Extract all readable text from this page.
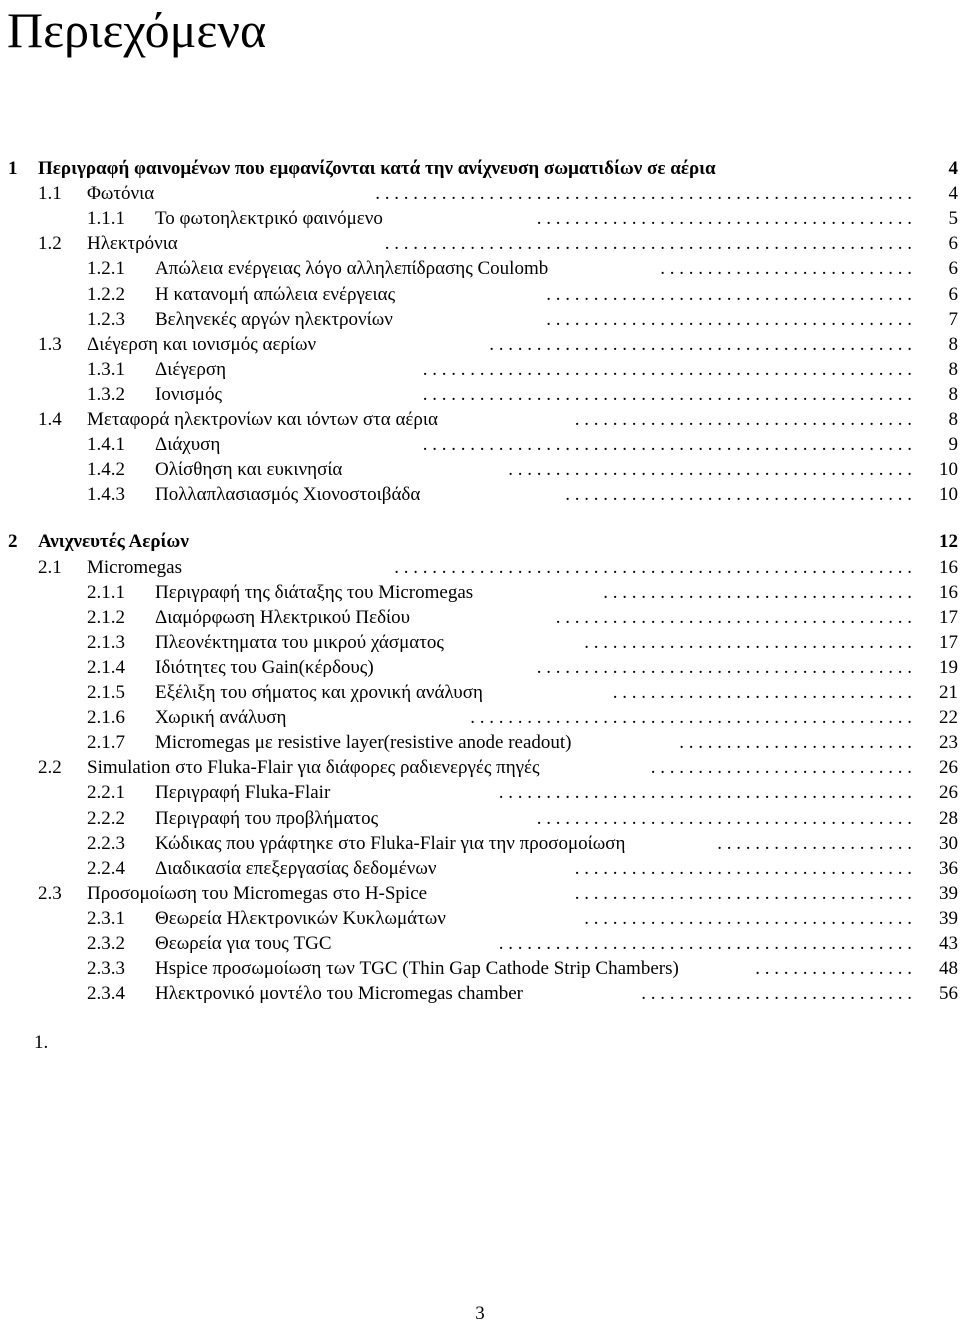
Περιεχόμενα
1 Περιγραφή φαινομένων που εμφανίζονται κατά την ανίχνευση σωματιδίων σε αέρια	4
1.1 Φωτόνια	4
. . . . . . . . . . . . . . . . . . . . . . . . . . . . . . . . . . . . . . . . . . . . . . . . . . . . . . . . .
1.1.1 Το φωτοηλεκτρικό φαινόμενο	5
. . . . . . . . . . . . . . . . . . . . . . . . . . . . . . . . . . . . . . . .
1.2 Ηλεκτρόνια	6
. . . . . . . . . . . . . . . . . . . . . . . . . . . . . . . . . . . . . . . . . . . . . . . . . . . . . . . .
1.2.1 Απώλεια ενέργειας λόγο αλληλεπίδρασης Coulomb	6
. . . . . . . . . . . . . . . . . . . . . . . . . . .
1.2.2 Η κατανομή απώλεια ενέργειας	6
. . . . . . . . . . . . . . . . . . . . . . . . . . . . . . . . . . . . . . .
1.2.3 Βεληνεκές αργών ηλεκτρονίων	7
. . . . . . . . . . . . . . . . . . . . . . . . . . . . . . . . . . . . . . .
1.3 Διέγερση και ιονισμός αερίων	8
. . . . . . . . . . . . . . . . . . . . . . . . . . . . . . . . . . . . . . . . . . . . .
1.3.1 Διέγερση	8
. . . . . . . . . . . . . . . . . . . . . . . . . . . . . . . . . . . . . . . . . . . . . . . . . . . .
1.3.2 Ιονισμός	8
. . . . . . . . . . . . . . . . . . . . . . . . . . . . . . . . . . . . . . . . . . . . . . . . . . . .
1.4 Μεταφορά ηλεκτρονίων και ιόντων στα αέρια	8
. . . . . . . . . . . . . . . . . . . . . . . . . . . . . . . . . . . .
1.4.1 Διάχυση	9
. . . . . . . . . . . . . . . . . . . . . . . . . . . . . . . . . . . . . . . . . . . . . . . . . . . .
1.4.2 Ολίσθηση και ευκινησία	10
. . . . . . . . . . . . . . . . . . . . . . . . . . . . . . . . . . . . . . . . . . .
1.4.3 Πολλαπλασιασμός Χιονοστοιβάδα	10
. . . . . . . . . . . . . . . . . . . . . . . . . . . . . . . . . . . . .
2 Ανιχνευτές Αερίων	12
2.1 Micromegas	16
. . . . . . . . . . . . . . . . . . . . . . . . . . . . . . . . . . . . . . . . . . . . . . . . . . . . . . .
2.1.1 Περιγραφή της διάταξης του Micromegas	16
. . . . . . . . . . . . . . . . . . . . . . . . . . . . . . . . .
2.1.2 Διαμόρφωση Ηλεκτρικού Πεδίου	17
. . . . . . . . . . . . . . . . . . . . . . . . . . . . . . . . . . . . . .
2.1.3 Πλεονέκτηματα του μικρού χάσματος	17
. . . . . . . . . . . . . . . . . . . . . . . . . . . . . . . . . . .
2.1.4 Ιδιότητες του Gain(κέρδους)	19
. . . . . . . . . . . . . . . . . . . . . . . . . . . . . . . . . . . . . . . .
2.1.5 Εξέλιξη του σήματος και χρονική ανάλυση	21
. . . . . . . . . . . . . . . . . . . . . . . . . . . . . . . .
2.1.6 Χωρική ανάλυση	22
. . . . . . . . . . . . . . . . . . . . . . . . . . . . . . . . . . . . . . . . . . . . . . .
2.1.7 Micromegas με resistive layer(resistive anode readout)	23
. . . . . . . . . . . . . . . . . . . . . . . . .
2.2 Simulation στο Fluka-Flair για διάφορες ραδιενεργές πηγές	26
. . . . . . . . . . . . . . . . . . . . . . . . . . . .
2.2.1 Περιγραφή Fluka-Flair	26
. . . . . . . . . . . . . . . . . . . . . . . . . . . . . . . . . . . . . . . . . . . .
2.2.2 Περιγραφή του προβλήματος	28
. . . . . . . . . . . . . . . . . . . . . . . . . . . . . . . . . . . . . . . .
2.2.3 Κώδικας που γράφτηκε στο Fluka-Flair για την προσομοίωση	30
. . . . . . . . . . . . . . . . . . . . .
2.2.4 Διαδικασία επεξεργασίας δεδομένων	36
. . . . . . . . . . . . . . . . . . . . . . . . . . . . . . . . . . . .
2.3 Προσομοίωση του Micromegas στο H-Spice	39
. . . . . . . . . . . . . . . . . . . . . . . . . . . . . . . . . . . .
2.3.1 Θεωρεία Ηλεκτρονικών Κυκλωμάτων	39
. . . . . . . . . . . . . . . . . . . . . . . . . . . . . . . . . . .
2.3.2 Θεωρεία για τους TGC	43
. . . . . . . . . . . . . . . . . . . . . . . . . . . . . . . . . . . . . . . . . . . .
2.3.3 Hspice προσωμοίωση των TGC (Thin Gap Cathode Strip Chambers)	48
. . . . . . . . . . . . . . . . .
2.3.4 Ηλεκτρονικό μοντέλο του Micromegas chamber	56
. . . . . . . . . . . . . . . . . . . . . . . . . . . . .
1.
3
